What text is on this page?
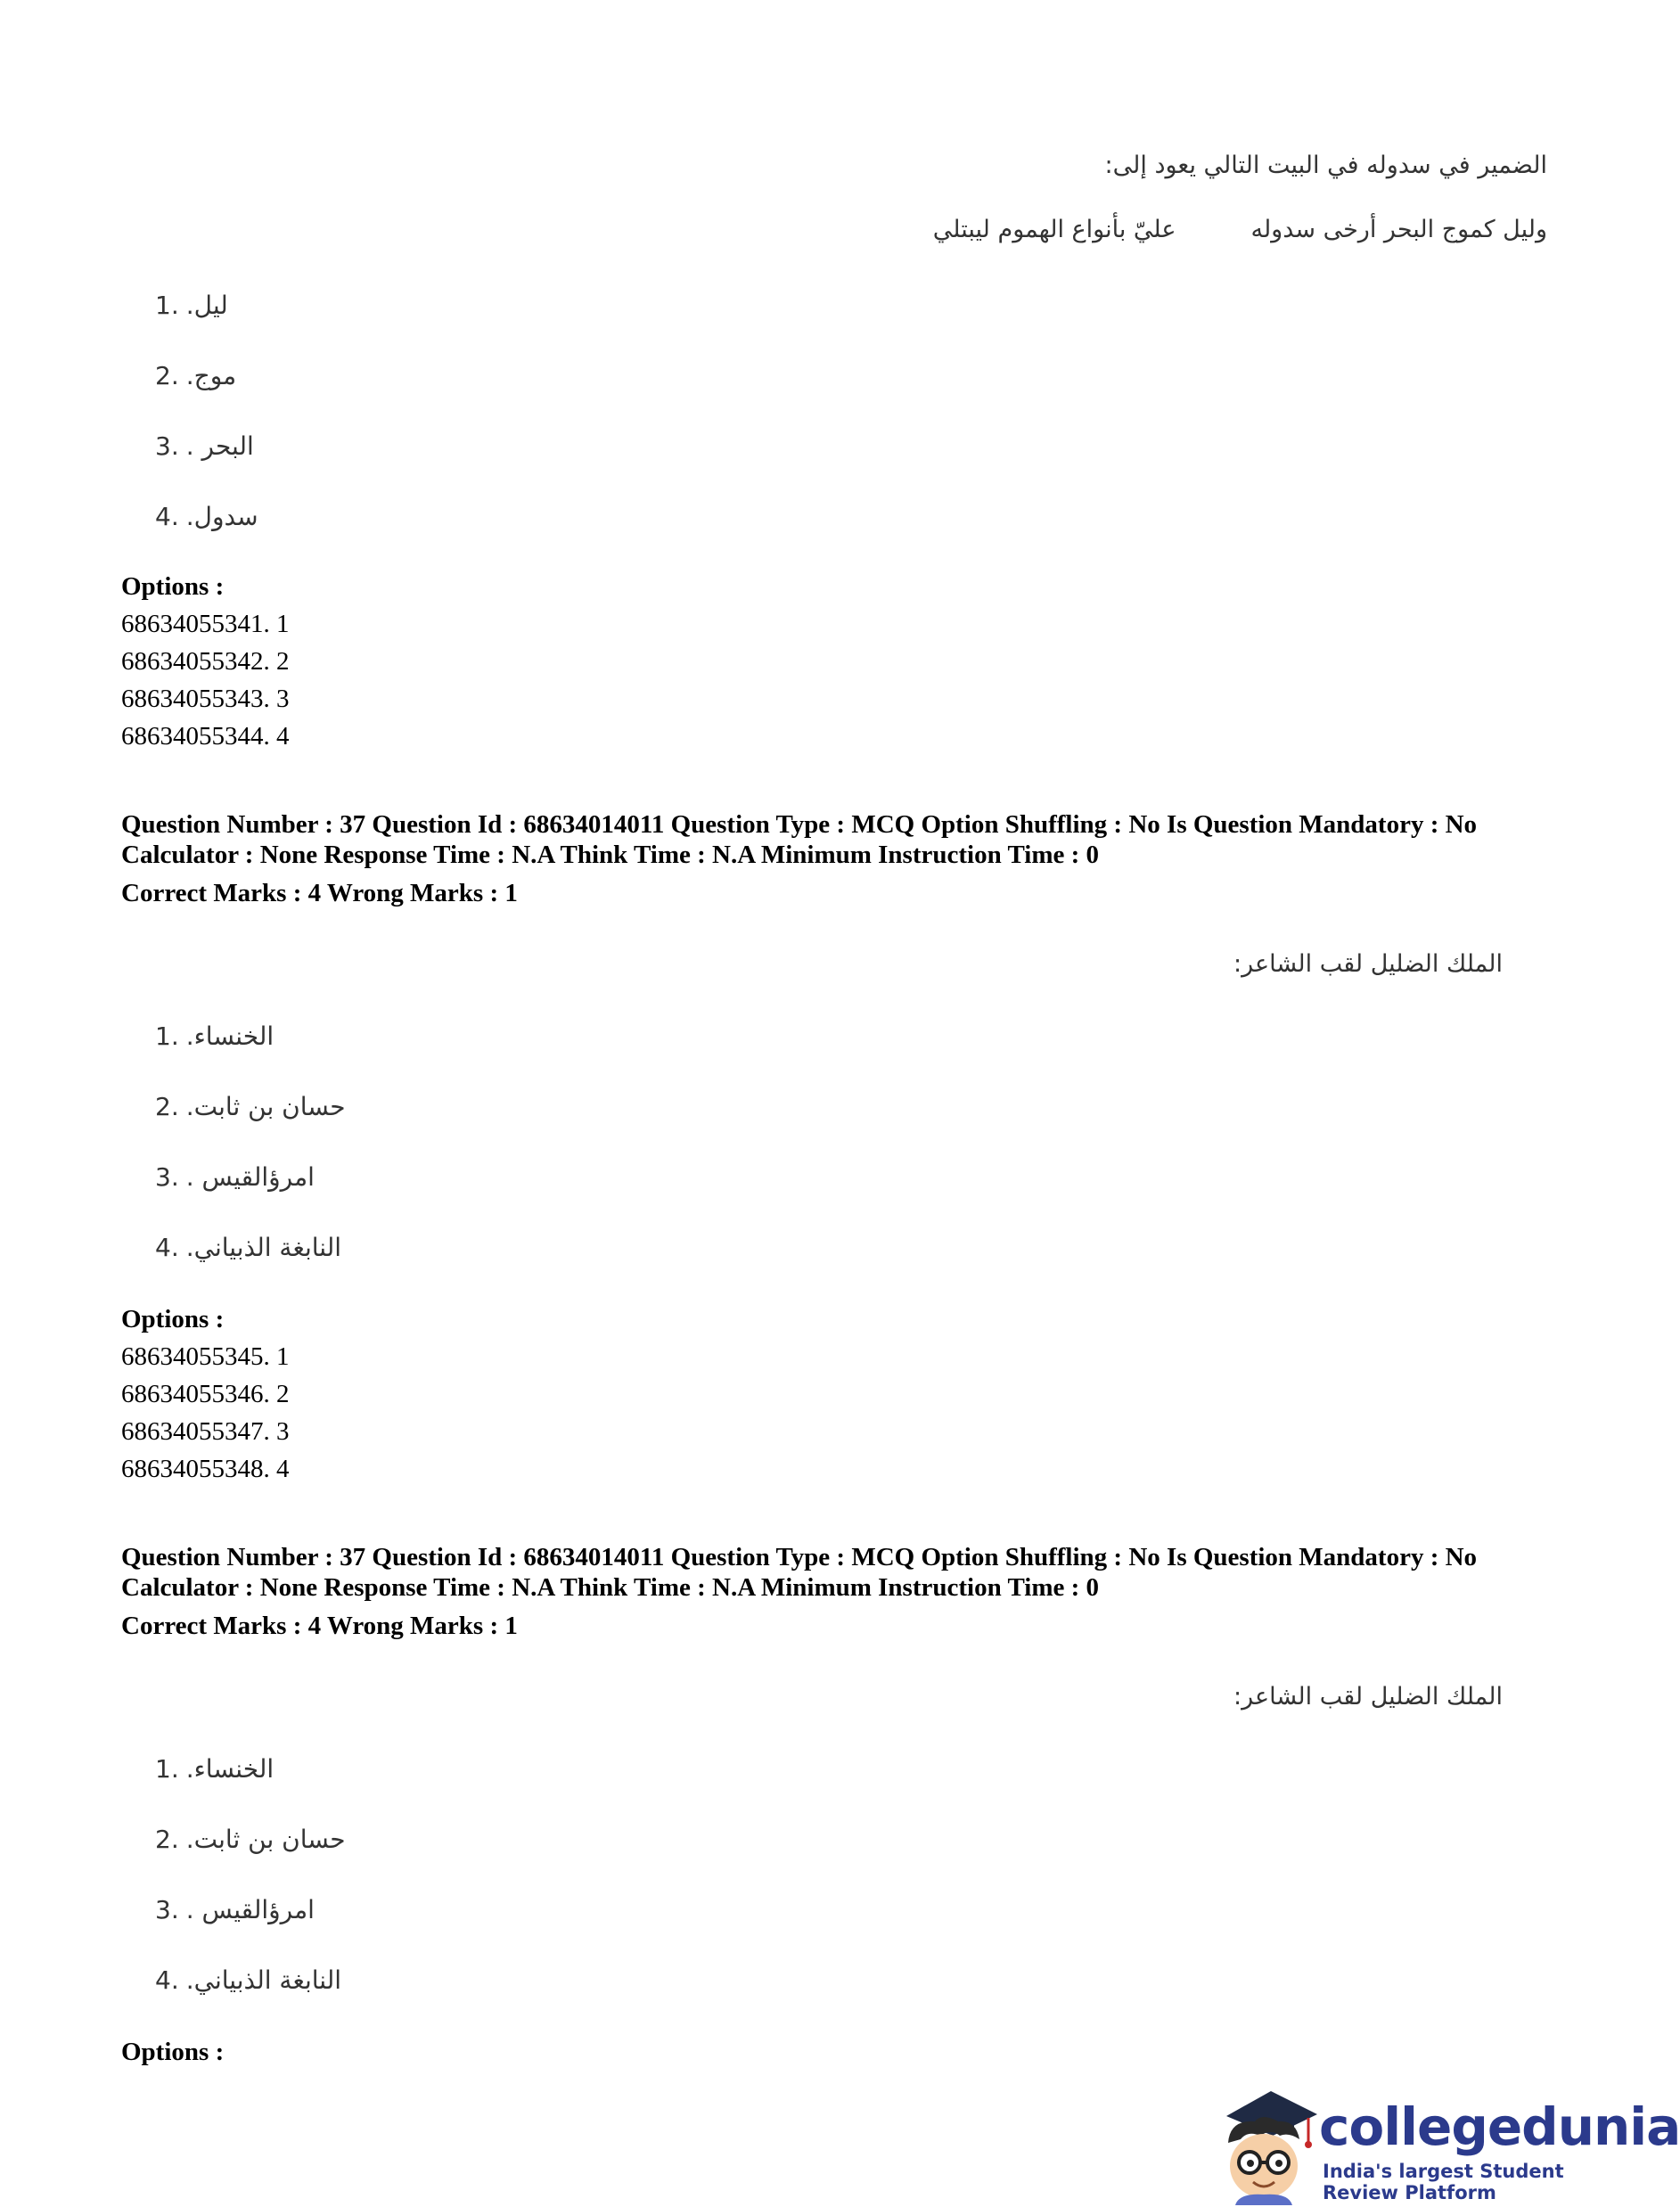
الضمير في سدوله في البيت التالي يعود إلى:
وليل كموج البحر أرخى سدولهعليّ بأنواع الهموم ليبتلي
1. ليل.
2. موج.
3. البحر .
4. سدول.
Options :
68634055341. 1
68634055342. 2
68634055343. 3
68634055344. 4
Question Number : 37 Question Id : 68634014011 Question Type : MCQ Option Shuffling : No Is Question Mandatory : No Calculator : None Response Time : N.A Think Time : N.A Minimum Instruction Time : 0
Correct Marks : 4 Wrong Marks : 1
الملك الضليل لقب الشاعر:
1. الخنساء.
2. حسان بن ثابت.
3. امرؤالقيس .
4. النابغة الذبياني.
Options :
68634055345. 1
68634055346. 2
68634055347. 3
68634055348. 4
Question Number : 37 Question Id : 68634014011 Question Type : MCQ Option Shuffling : No Is Question Mandatory : No Calculator : None Response Time : N.A Think Time : N.A Minimum Instruction Time : 0
Correct Marks : 4 Wrong Marks : 1
الملك الضليل لقب الشاعر:
1. الخنساء.
2. حسان بن ثابت.
3. امرؤالقيس .
4. النابغة الذبياني.
Options :
collegedunia
India's largest Student Review Platform
